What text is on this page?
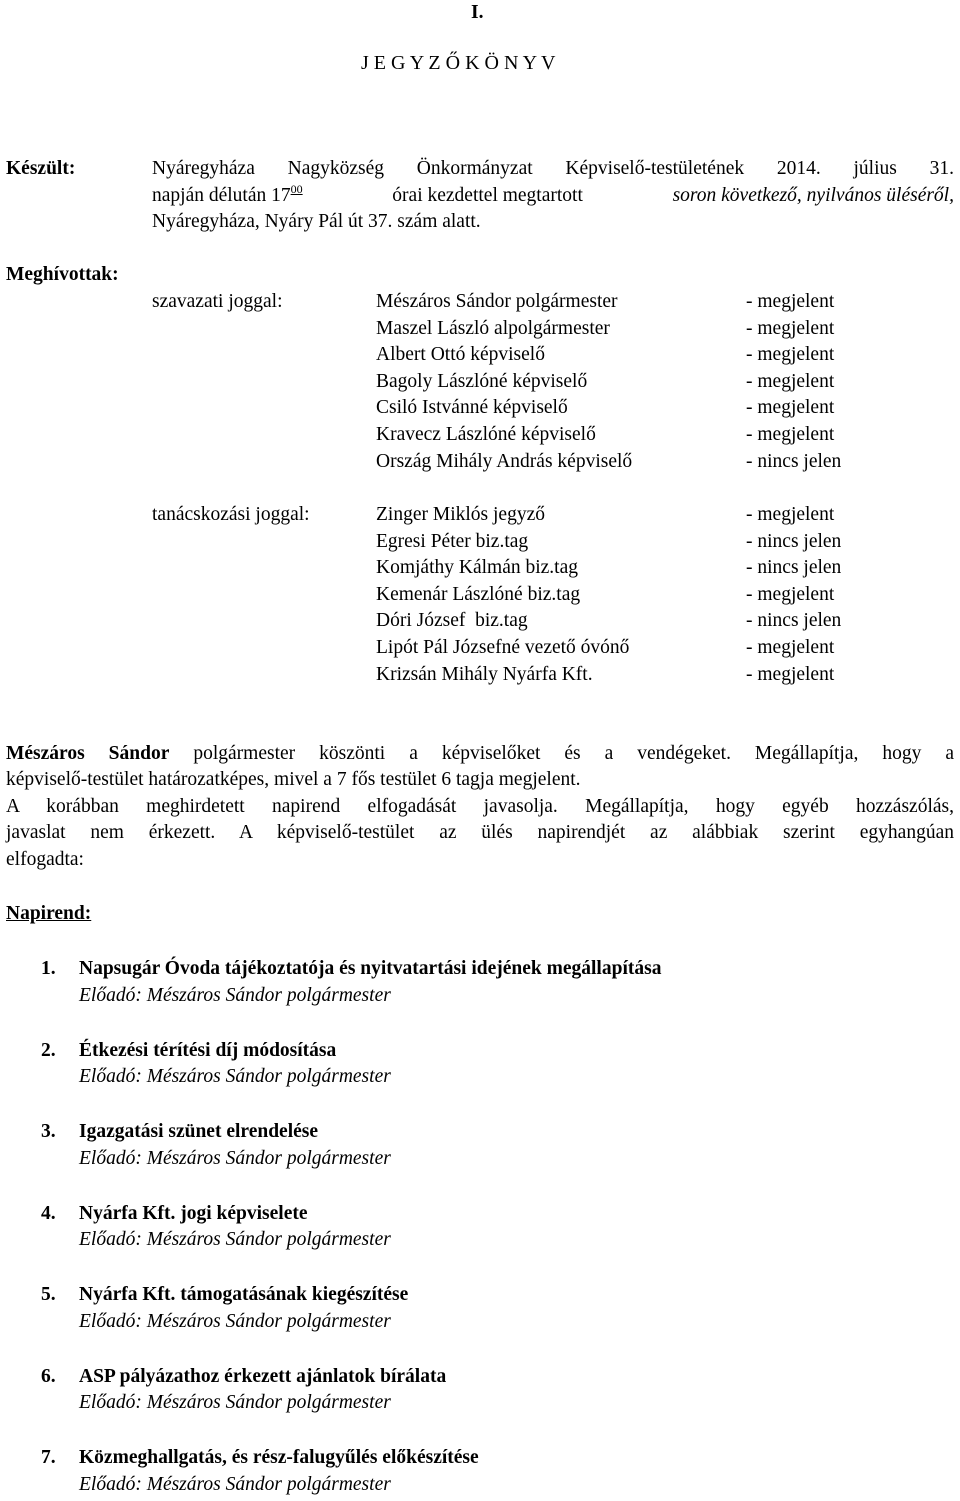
I.
J E G Y Z Ő K Ö N Y V
Készült:	Nyáregyháza Nagyközség Önkormányzat Képviselő-testületének 2014. július 31.
napján délután $17^{00}$	órai kezdettel megtartott	soron következő, nyilvános üléséről,
Nyáregyháza, Nyáry Pál út 37. szám alatt.
Meghívottak:
szavazati joggal:	Mészáros Sándor polgármester	- megjelent
Maszel László alpolgármester	- megjelent
Albert Ottó képviselő	- megjelent
Bagoly Lászlóné képviselő	- megjelent
Csiló Istvánné képviselő	- megjelent
Kravecz Lászlóné képviselő	- megjelent
Ország Mihály András képviselő	- nincs jelen
tanácskozási joggal:	Zinger Miklós jegyző	- megjelent
Egresi Péter biz.tag	- nincs jelen
Komjáthy Kálmán biz.tag	- nincs jelen
Kemenár Lászlóné biz.tag	- megjelent
Dóri József  biz.tag	- nincs jelen
Lipót Pál Józsefné vezető óvónő	- megjelent
Krizsán Mihály Nyárfa Kft.	- megjelent
Mészáros Sándor polgármester köszönti a képviselőket és a vendégeket. Megállapítja, hogy a
képviselő-testület határozatképes, mivel a 7 fős testület 6 tagja megjelent.
A korábban meghirdetett napirend elfogadását javasolja. Megállapítja, hogy egyéb hozzászólás,
javaslat nem érkezett. A képviselő-testület az ülés napirendjét az alábbiak szerint egyhangúan
elfogadta:
Napirend:
1. Napsugár Óvoda tájékoztatója és nyitvatartási idejének megállapítása
Előadó: Mészáros Sándor polgármester
2. Étkezési térítési díj módosítása
Előadó: Mészáros Sándor polgármester
3. Igazgatási szünet elrendelése
Előadó: Mészáros Sándor polgármester
4. Nyárfa Kft. jogi képviselete
Előadó: Mészáros Sándor polgármester
5. Nyárfa Kft. támogatásának kiegészítése
Előadó: Mészáros Sándor polgármester
6. ASP pályázathoz érkezett ajánlatok bírálata
Előadó: Mészáros Sándor polgármester
7. Közmeghallgatás, és rész-falugyűlés előkészítése
Előadó: Mészáros Sándor polgármester
